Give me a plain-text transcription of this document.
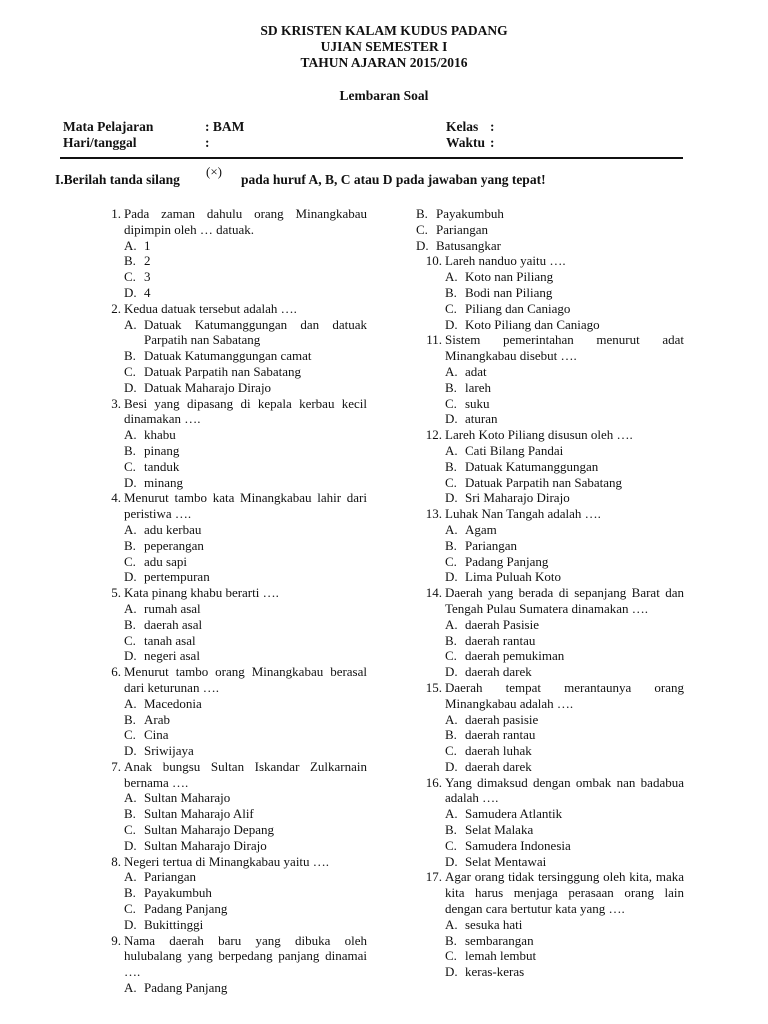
SD KRISTEN KALAM KUDUS PADANG
UJIAN SEMESTER I
TAHUN AJARAN 2015/2016
Lembaran Soal
Mata Pelajaran	: BAM
Hari/tanggal	:
Kelas :
Waktu :
I.Berilah tanda silang
(×)
pada huruf A, B, C atau D pada jawaban yang tepat!
1. Pada zaman dahulu orang Minangkabau dipimpin oleh … datuak.
A. 1
B. 2
C. 3
D. 4
2. Kedua datuak tersebut adalah ….
A. Datuak Katumanggungan dan datuak Parpatih nan Sabatang
B. Datuak Katumanggungan camat
C. Datuak Parpatih nan Sabatang
D. Datuak Maharajo Dirajo
3. Besi yang dipasang di kepala kerbau kecil dinamakan ….
A. khabu
B. pinang
C. tanduk
D. minang
4. Menurut tambo kata Minangkabau lahir dari peristiwa ….
A. adu kerbau
B. peperangan
C. adu sapi
D. pertempuran
5. Kata pinang khabu berarti ….
A. rumah asal
B. daerah asal
C. tanah asal
D. negeri asal
6. Menurut tambo orang Minangkabau berasal dari keturunan ….
A. Macedonia
B. Arab
C. Cina
D. Sriwijaya
7. Anak bungsu Sultan Iskandar Zulkarnain bernama ….
A. Sultan Maharajo
B. Sultan Maharajo Alif
C. Sultan Maharajo Depang
D. Sultan Maharajo Dirajo
8. Negeri tertua di Minangkabau yaitu ….
A. Pariangan
B. Payakumbuh
C. Padang Panjang
D. Bukittinggi
9. Nama daerah baru yang dibuka oleh hulubalang yang berpedang panjang dinamai ….
A. Padang Panjang
B. Payakumbuh
C. Pariangan
D. Batusangkar
10. Lareh nanduo yaitu ….
A. Koto nan Piliang
B. Bodi nan Piliang
C. Piliang dan Caniago
D. Koto Piliang dan Caniago
11. Sistem pemerintahan menurut adat Minangkabau disebut ….
A. adat
B. lareh
C. suku
D. aturan
12. Lareh Koto Piliang disusun oleh ….
A. Cati Bilang Pandai
B. Datuak Katumanggungan
C. Datuak Parpatih nan Sabatang
D. Sri Maharajo Dirajo
13. Luhak Nan Tangah adalah ….
A. Agam
B. Pariangan
C. Padang Panjang
D. Lima Puluah Koto
14. Daerah yang berada di sepanjang Barat dan Tengah Pulau Sumatera dinamakan ….
A. daerah Pasisie
B. daerah rantau
C. daerah pemukiman
D. daerah darek
15. Daerah tempat merantaunya orang Minangkabau adalah ….
A. daerah pasisie
B. daerah rantau
C. daerah luhak
D. daerah darek
16. Yang dimaksud dengan ombak nan badabua adalah ….
A. Samudera Atlantik
B. Selat Malaka
C. Samudera Indonesia
D. Selat Mentawai
17. Agar orang tidak tersinggung oleh kita, maka kita harus menjaga perasaan orang lain dengan cara bertutur kata yang ….
A. sesuka hati
B. sembarangan
C. lemah lembut
D. keras-keras
